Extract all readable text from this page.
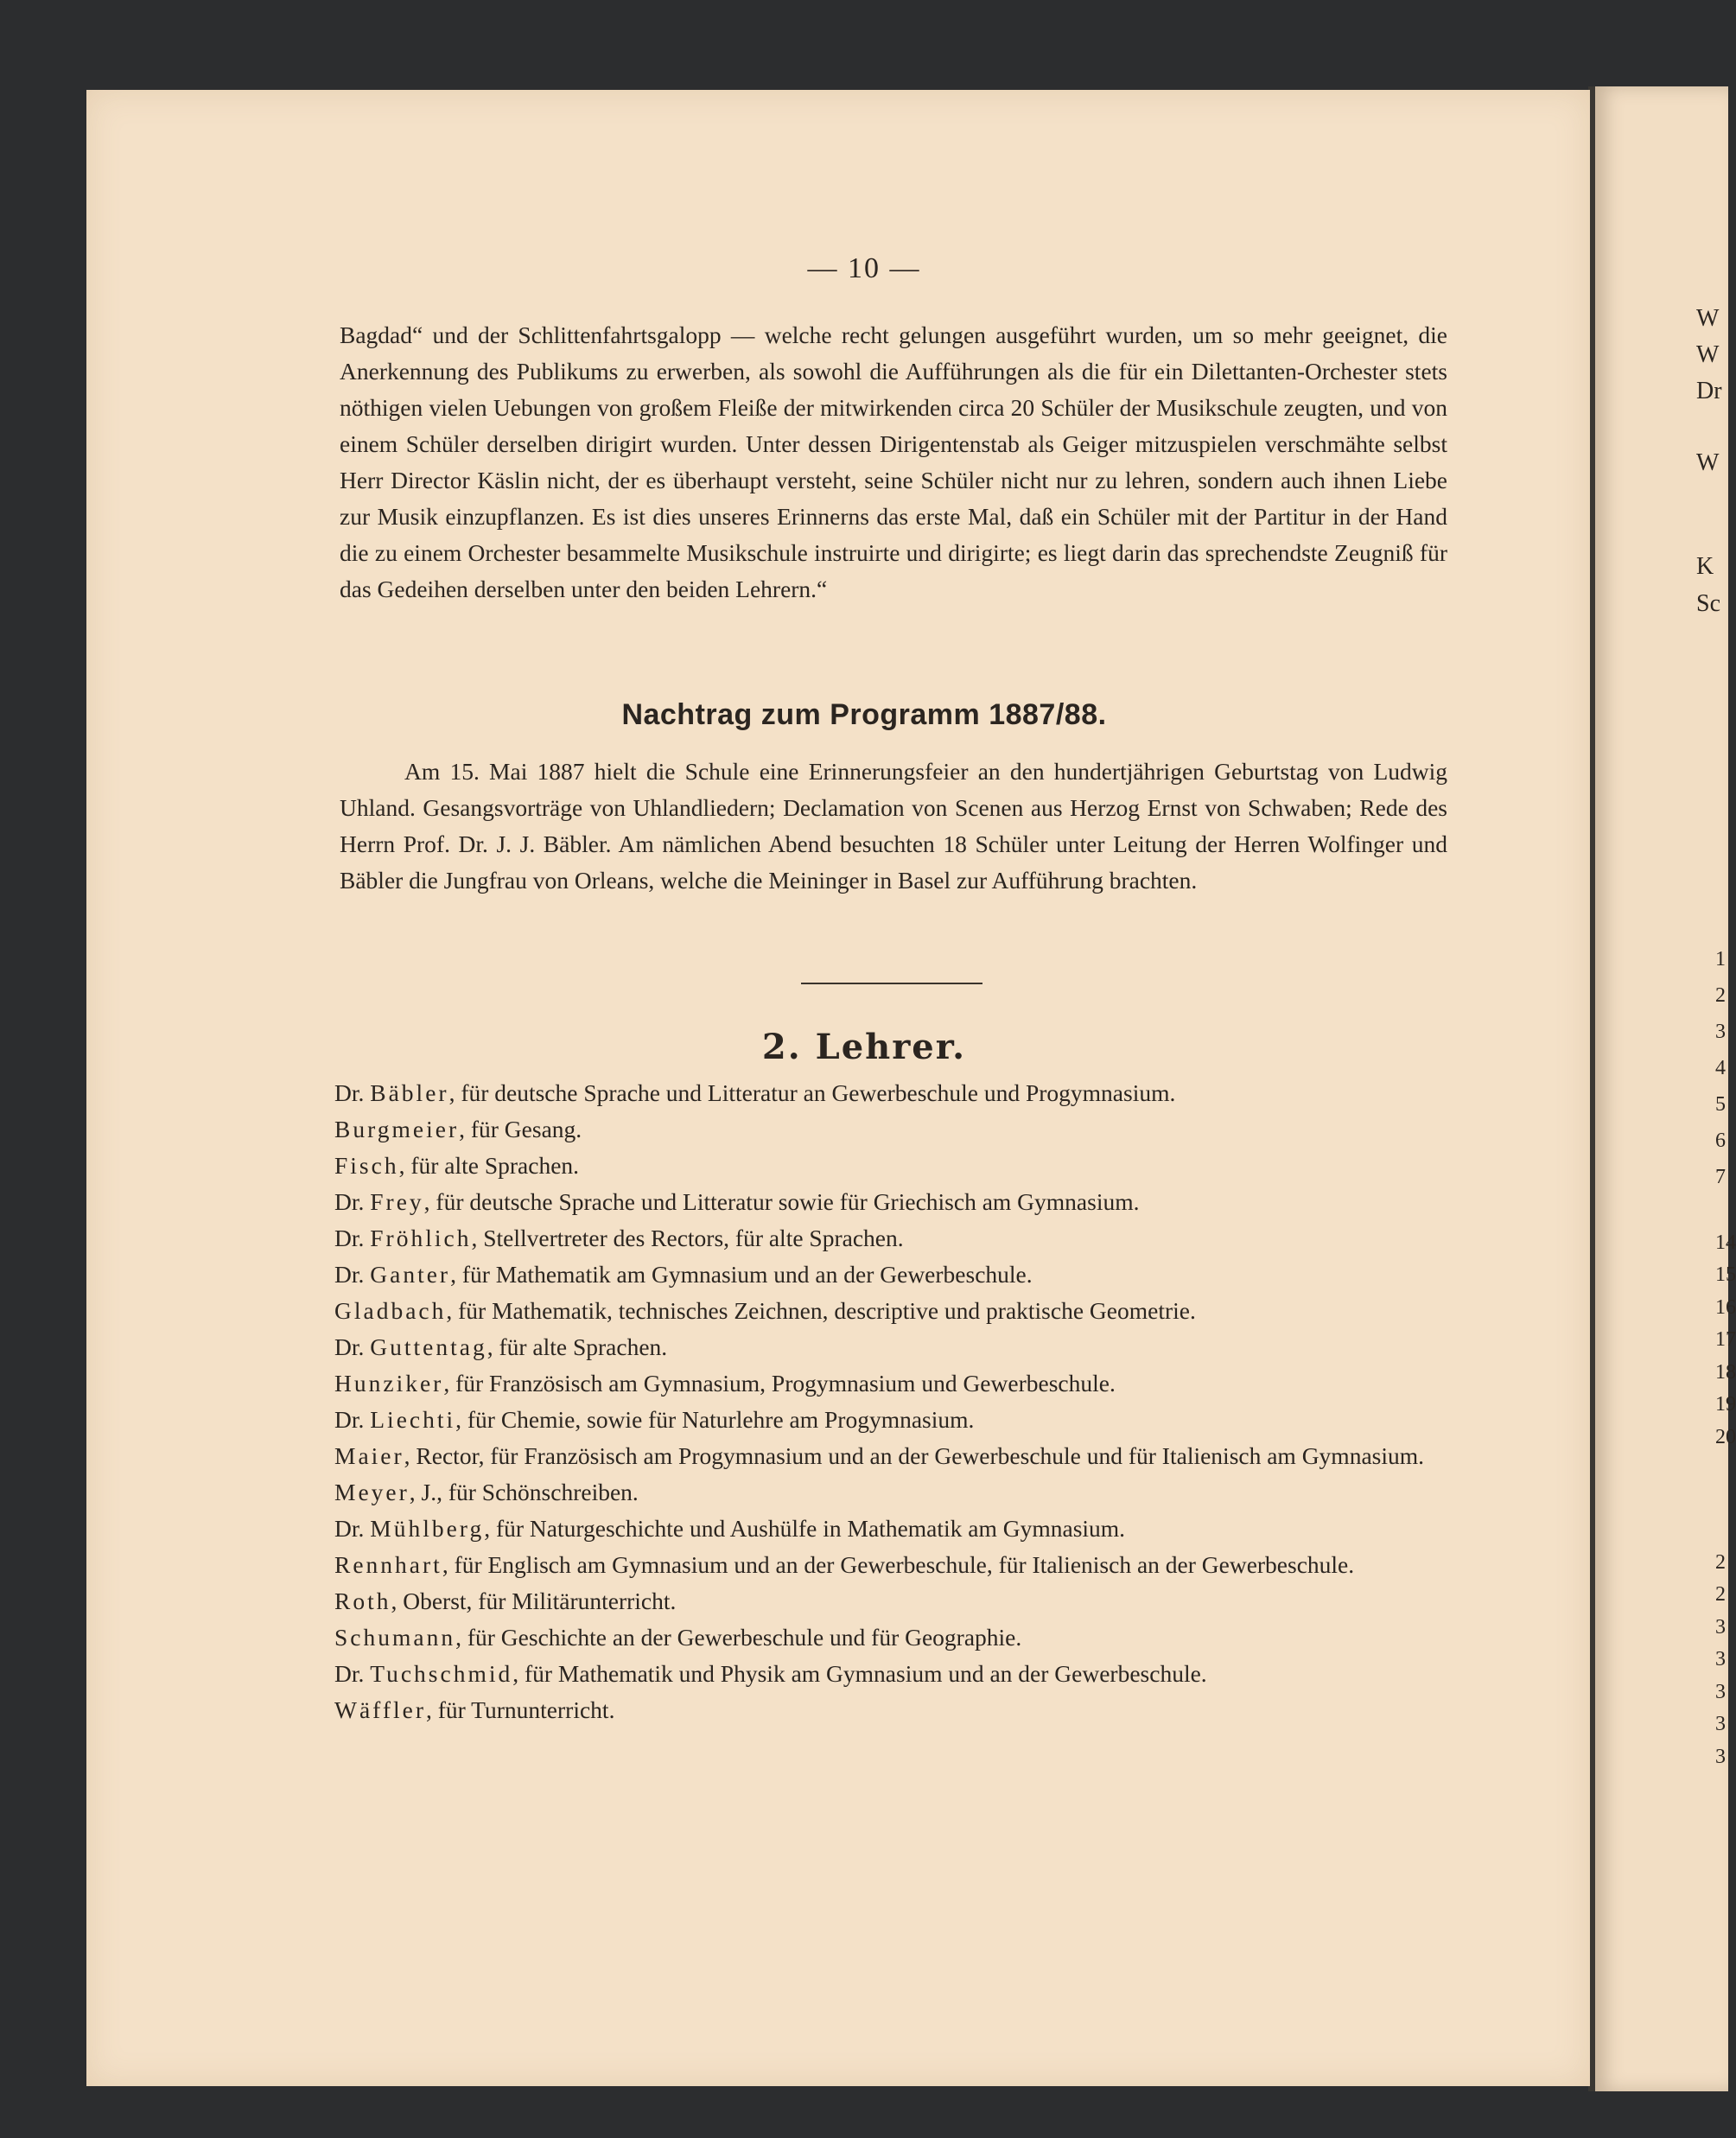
— 10 —

Bagdad“ und der Schlittenfahrtsgalopp — welche recht gelungen ausgeführt wurden, um so mehr geeignet, die Anerkennung des Publikums zu erwerben, als sowohl die Aufführungen als die für ein Dilettanten-Orchester stets nöthigen vielen Uebungen von großem Fleiße der mitwirkenden circa 20 Schüler der Musikschule zeugten, und von einem Schüler derselben dirigirt wurden. Unter dessen Dirigentenstab als Geiger mitzuspielen verschmähte selbst Herr Director Käslin nicht, der es überhaupt versteht, seine Schüler nicht nur zu lehren, sondern auch ihnen Liebe zur Musik einzupflanzen. Es ist dies unseres Erinnerns das erste Mal, daß ein Schüler mit der Partitur in der Hand die zu einem Orchester besammelte Musikschule instruirte und dirigirte; es liegt darin das sprechendste Zeugniß für das Gedeihen derselben unter den beiden Lehrern.“

Nachtrag zum Programm 1887/88.

Am 15. Mai 1887 hielt die Schule eine Erinnerungsfeier an den hundertjährigen Geburtstag von Ludwig Uhland. Gesangsvorträge von Uhlandliedern; Declamation von Scenen aus Herzog Ernst von Schwaben; Rede des Herrn Prof. Dr. J. J. Bäbler. Am nämlichen Abend besuchten 18 Schüler unter Leitung der Herren Wolfinger und Bäbler die Jungfrau von Orleans, welche die Meininger in Basel zur Aufführung brachten.

2. Lehrer.

Dr. Bäbler, für deutsche Sprache und Litteratur an Gewerbeschule und Progymnasium.

Burgmeier, für Gesang.

Fisch, für alte Sprachen.

Dr. Frey, für deutsche Sprache und Litteratur sowie für Griechisch am Gymnasium.

Dr. Fröhlich, Stellvertreter des Rectors, für alte Sprachen.

Dr. Ganter, für Mathematik am Gymnasium und an der Gewerbeschule.

Gladbach, für Mathematik, technisches Zeichnen, descriptive und praktische Geometrie.

Dr. Guttentag, für alte Sprachen.

Hunziker, für Französisch am Gymnasium, Progymnasium und Gewerbeschule.

Dr. Liechti, für Chemie, sowie für Naturlehre am Progymnasium.

Maier, Rector, für Französisch am Progymnasium und an der Gewerbeschule und für Italienisch am Gymnasium.

Meyer, J., für Schönschreiben.

Dr. Mühlberg, für Naturgeschichte und Aushülfe in Mathematik am Gymnasium.

Rennhart, für Englisch am Gymnasium und an der Gewerbeschule, für Italienisch an der Gewerbeschule.

Roth, Oberst, für Militärunterricht.

Schumann, für Geschichte an der Gewerbeschule und für Geographie.

Dr. Tuchschmid, für Mathematik und Physik am Gymnasium und an der Gewerbeschule.

Wäffler, für Turnunterricht.

W
W
Dr
W
K
Sc
1
2
3
4
5
6
7
14
15
16
17
18
19
20
2
2
3
3
3
3
3
